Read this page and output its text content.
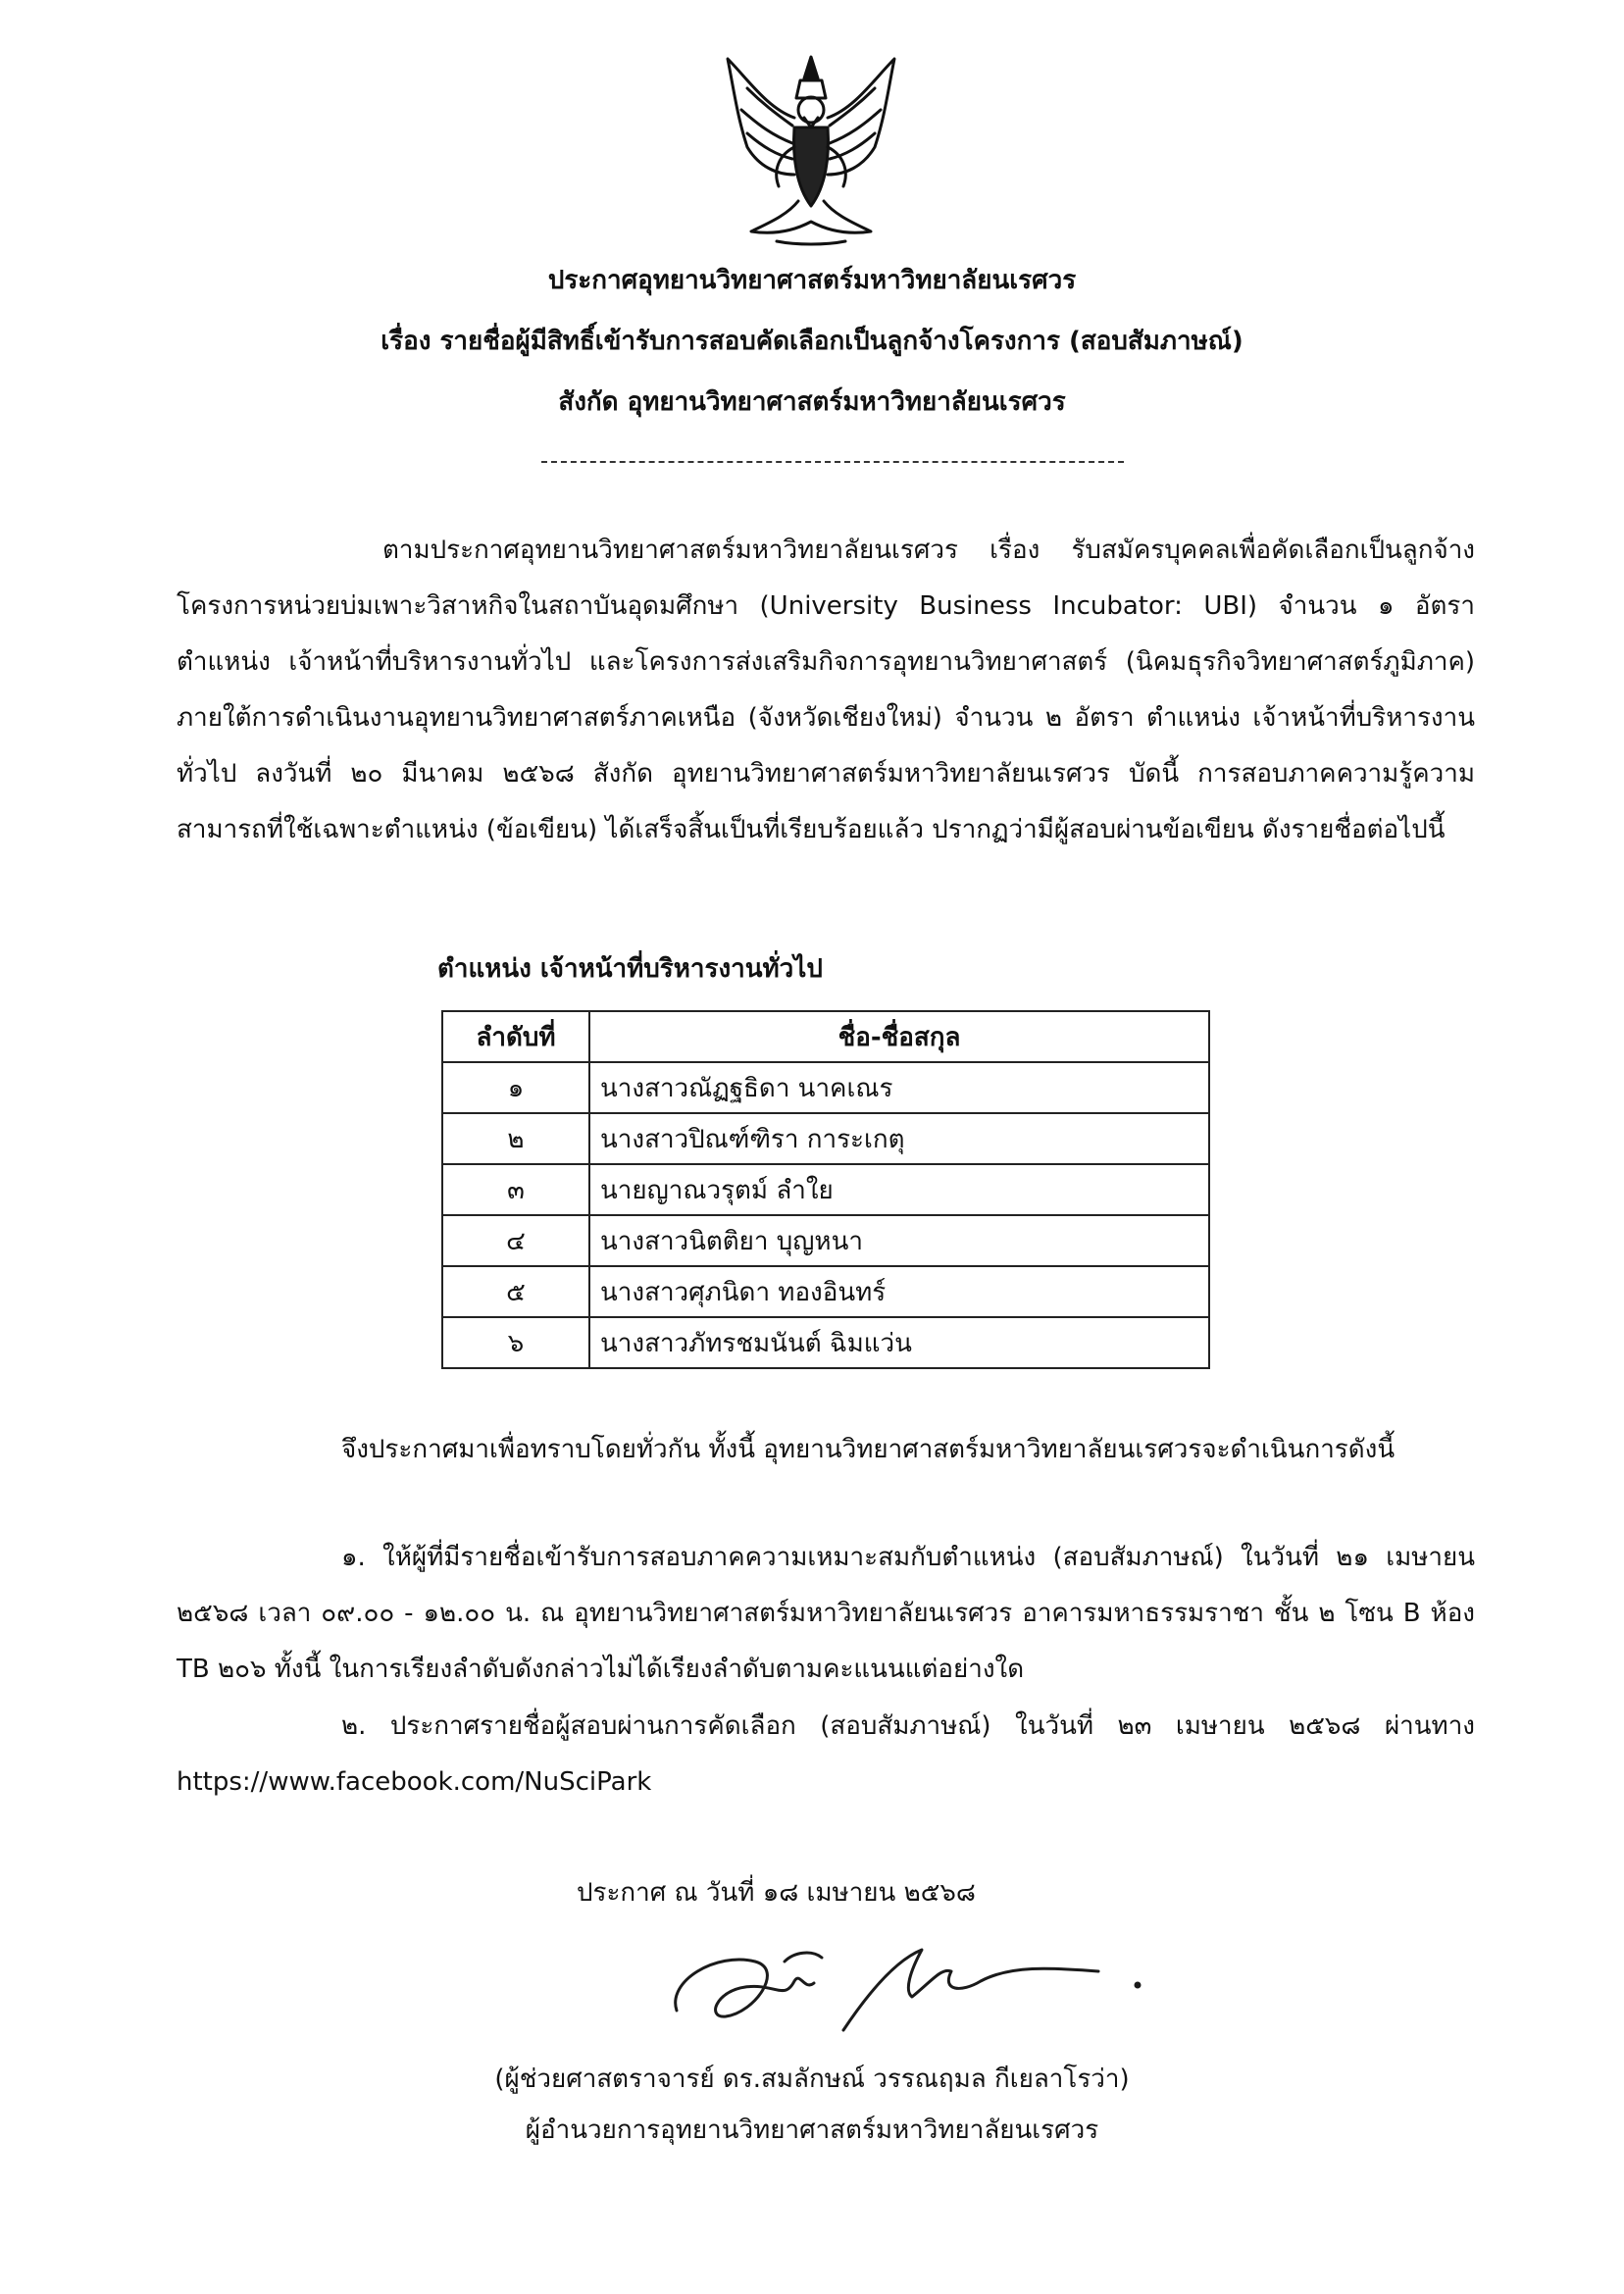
ประกาศอุทยานวิทยาศาสตร์มหาวิทยาลัยนเรศวร
เรื่อง รายชื่อผู้มีสิทธิ์เข้ารับการสอบคัดเลือกเป็นลูกจ้างโครงการ (สอบสัมภาษณ์)
สังกัด อุทยานวิทยาศาสตร์มหาวิทยาลัยนเรศวร

ตามประกาศอุทยานวิทยาศาสตร์มหาวิทยาลัยนเรศวร เรื่อง รับสมัครบุคคลเพื่อคัดเลือกเป็นลูกจ้างโครงการหน่วยบ่มเพาะวิสาหกิจในสถาบันอุดมศึกษา (University Business Incubator: UBI) จำนวน ๑ อัตรา ตำแหน่ง เจ้าหน้าที่บริหารงานทั่วไป และโครงการส่งเสริมกิจการอุทยานวิทยาศาสตร์ (นิคมธุรกิจวิทยาศาสตร์ภูมิภาค) ภายใต้การดำเนินงานอุทยานวิทยาศาสตร์ภาคเหนือ (จังหวัดเชียงใหม่) จำนวน ๒ อัตรา ตำแหน่ง เจ้าหน้าที่บริหารงานทั่วไป ลงวันที่ ๒๐ มีนาคม ๒๕๖๘ สังกัด อุทยานวิทยาศาสตร์มหาวิทยาลัยนเรศวร บัดนี้ การสอบภาคความรู้ความสามารถที่ใช้เฉพาะตำแหน่ง (ข้อเขียน) ได้เสร็จสิ้นเป็นที่เรียบร้อยแล้ว ปรากฏว่ามีผู้สอบผ่านข้อเขียน ดังรายชื่อต่อไปนี้

ตำแหน่ง เจ้าหน้าที่บริหารงานทั่วไป
ลำดับที่	ชื่อ-ชื่อสกุล
๑	นางสาวณัฏฐธิดา นาคเณร
๒	นางสาวปิณฑ์ฑิรา การะเกตุ
๓	นายญาณวรุตม์ ลำใย
๔	นางสาวนิตติยา บุญหนา
๕	นางสาวศุภนิดา ทองอินทร์
๖	นางสาวภัทรชมนันต์ ฉิมแว่น

จึงประกาศมาเพื่อทราบโดยทั่วกัน ทั้งนี้ อุทยานวิทยาศาสตร์มหาวิทยาลัยนเรศวรจะดำเนินการดังนี้

๑. ให้ผู้ที่มีรายชื่อเข้ารับการสอบภาคความเหมาะสมกับตำแหน่ง (สอบสัมภาษณ์) ในวันที่ ๒๑ เมษายน ๒๕๖๘ เวลา ๐๙.๐๐ - ๑๒.๐๐ น. ณ อุทยานวิทยาศาสตร์มหาวิทยาลัยนเรศวร อาคารมหาธรรมราชา ชั้น ๒ โซน B ห้อง TB ๒๐๖ ทั้งนี้ ในการเรียงลำดับดังกล่าวไม่ได้เรียงลำดับตามคะแนนแต่อย่างใด

๒. ประกาศรายชื่อผู้สอบผ่านการคัดเลือก (สอบสัมภาษณ์) ในวันที่ ๒๓ เมษายน ๒๕๖๘ ผ่านทาง https://www.facebook.com/NuSciPark

ประกาศ ณ วันที่ ๑๘ เมษายน ๒๕๖๘
(ผู้ช่วยศาสตราจารย์ ดร.สมลักษณ์ วรรณฤมล กีเยลาโรว่า)
ผู้อำนวยการอุทยานวิทยาศาสตร์มหาวิทยาลัยนเรศวร
